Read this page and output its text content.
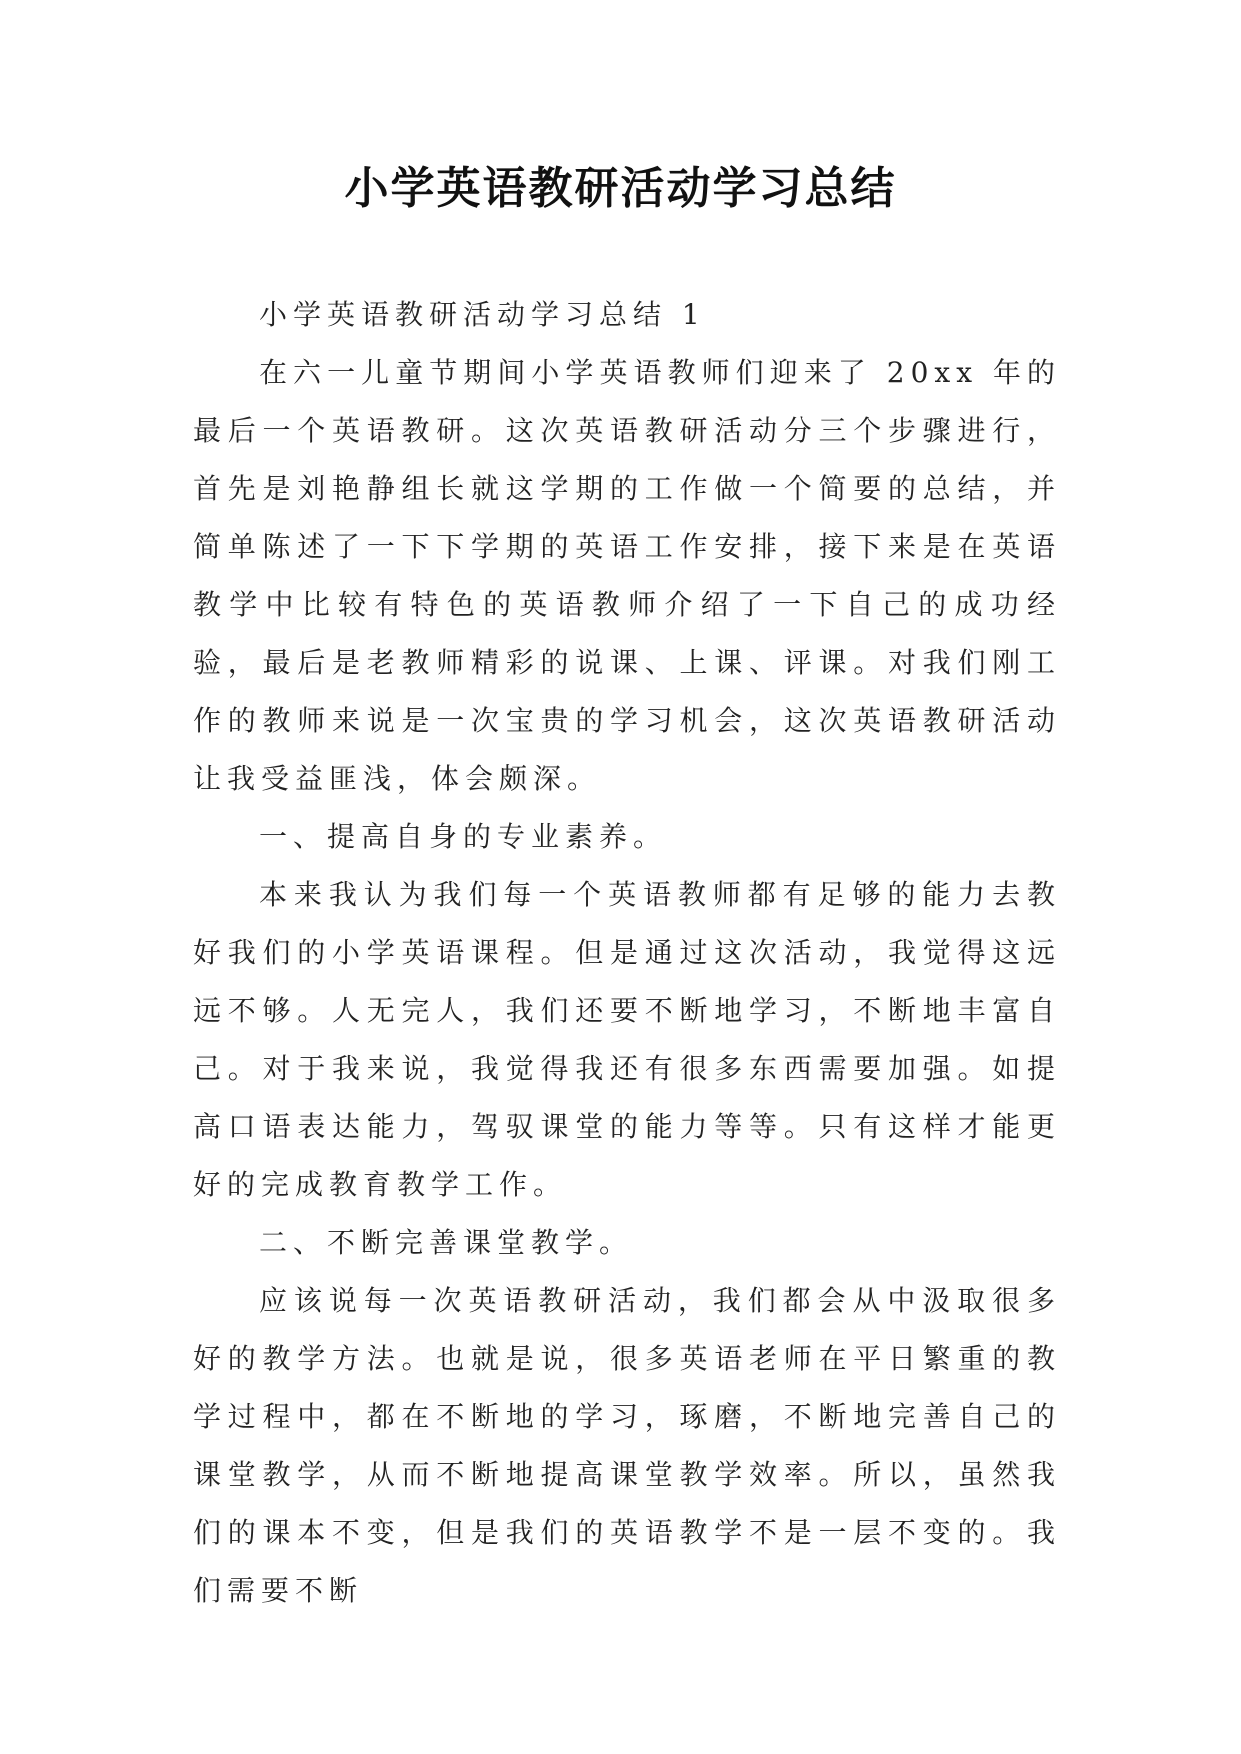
小学英语教研活动学习总结

小学英语教研活动学习总结 1

在六一儿童节期间小学英语教师们迎来了 20xx 年的最后一个英语教研。这次英语教研活动分三个步骤进行，首先是刘艳静组长就这学期的工作做一个简要的总结，并简单陈述了一下下学期的英语工作安排，接下来是在英语教学中比较有特色的英语教师介绍了一下自己的成功经验，最后是老教师精彩的说课、上课、评课。对我们刚工作的教师来说是一次宝贵的学习机会，这次英语教研活动让我受益匪浅，体会颇深。

一、提高自身的专业素养。

本来我认为我们每一个英语教师都有足够的能力去教好我们的小学英语课程。但是通过这次活动，我觉得这远远不够。人无完人，我们还要不断地学习，不断地丰富自己。对于我来说，我觉得我还有很多东西需要加强。如提高口语表达能力，驾驭课堂的能力等等。只有这样才能更好的完成教育教学工作。

二、不断完善课堂教学。

应该说每一次英语教研活动，我们都会从中汲取很多好的教学方法。也就是说，很多英语老师在平日繁重的教学过程中，都在不断地的学习，琢磨，不断地完善自己的课堂教学，从而不断地提高课堂教学效率。所以，虽然我们的课本不变，但是我们的英语教学不是一层不变的。我们需要不断
